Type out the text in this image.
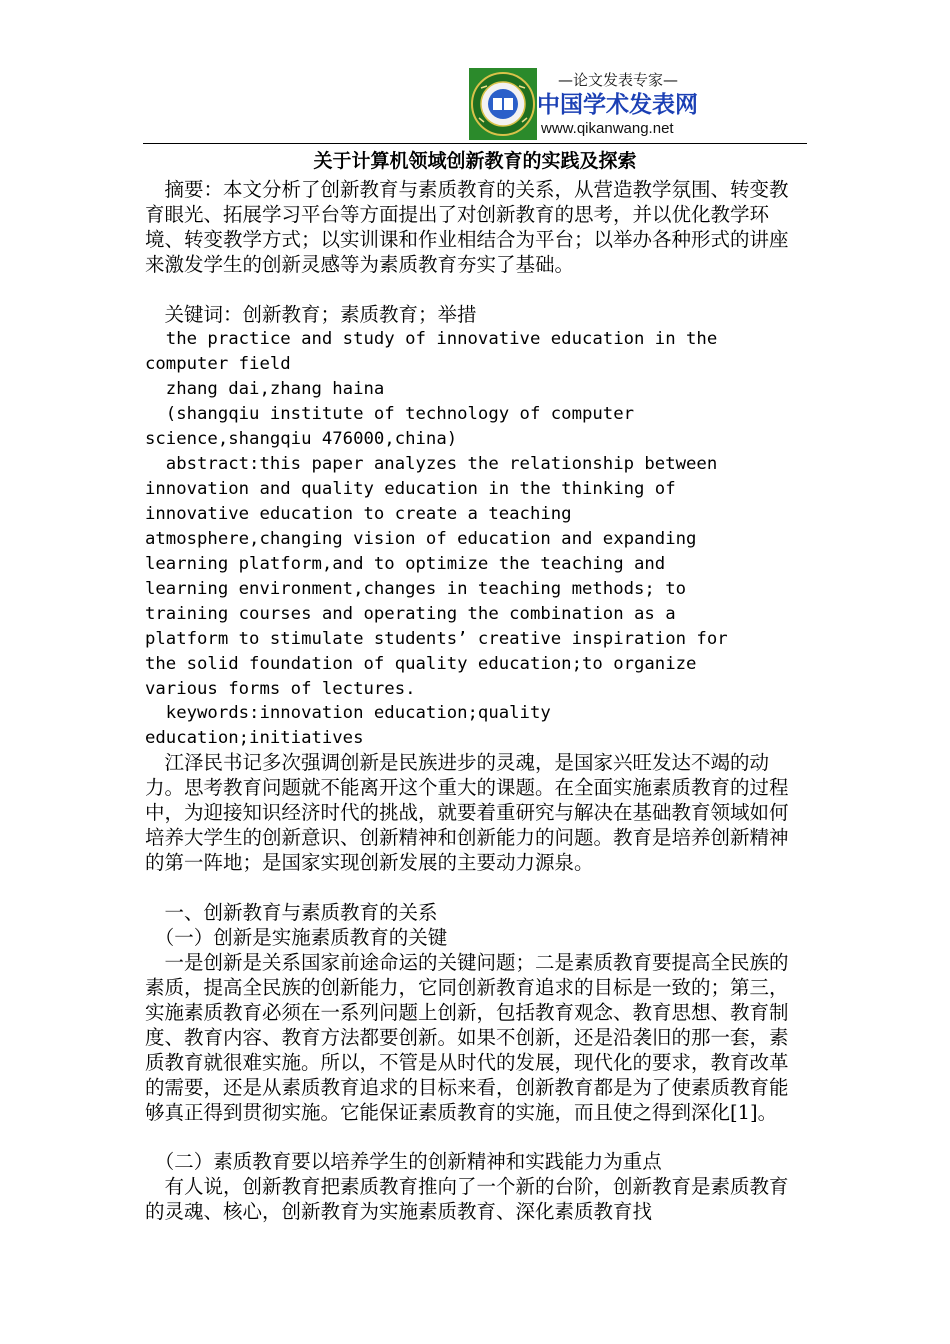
—论文发表专家—
中国学术发表网
www.qikanwang.net
关于计算机领域创新教育的实践及探索

　摘要：本文分析了创新教育与素质教育的关系，从营造教学氛围、转变教育眼光、拓展学习平台等方面提出了对创新教育的思考，并以优化教学环境、转变教学方式；以实训课和作业相结合为平台；以举办各种形式的讲座来激发学生的创新灵感等为素质教育夯实了基础。

　关键词：创新教育；素质教育；举措

the practice and study of innovative education in the
computer field

zhang dai,zhang haina

(shangqiu institute of technology of computer
science,shangqiu 476000,china)

abstract:this paper analyzes the relationship between
innovation and quality education in the thinking of
innovative education to create a teaching
atmosphere,changing vision of education and expanding
learning platform,and to optimize the teaching and
learning environment,changes in teaching methods; to
training courses and operating the combination as a
platform to stimulate students’ creative inspiration for
the solid foundation of quality education;to organize
various forms of lectures.

keywords:innovation education;quality
education;initiatives

　江泽民书记多次强调创新是民族进步的灵魂，是国家兴旺发达不竭的动力。思考教育问题就不能离开这个重大的课题。在全面实施素质教育的过程中，为迎接知识经济时代的挑战，就要着重研究与解决在基础教育领域如何培养大学生的创新意识、创新精神和创新能力的问题。教育是培养创新精神的第一阵地；是国家实现创新发展的主要动力源泉。

　一、创新教育与素质教育的关系

　（一）创新是实施素质教育的关键

　一是创新是关系国家前途命运的关键问题；二是素质教育要提高全民族的素质，提高全民族的创新能力，它同创新教育追求的目标是一致的；第三，实施素质教育必须在一系列问题上创新，包括教育观念、教育思想、教育制度、教育内容、教育方法都要创新。如果不创新，还是沿袭旧的那一套，素质教育就很难实施。所以，不管是从时代的发展，现代化的要求，教育改革的需要，还是从素质教育追求的目标来看，创新教育都是为了使素质教育能够真正得到贯彻实施。它能保证素质教育的实施，而且使之得到深化[1]。

　（二）素质教育要以培养学生的创新精神和实践能力为重点

　有人说，创新教育把素质教育推向了一个新的台阶，创新教育是素质教育的灵魂、核心，创新教育为实施素质教育、深化素质教育找
